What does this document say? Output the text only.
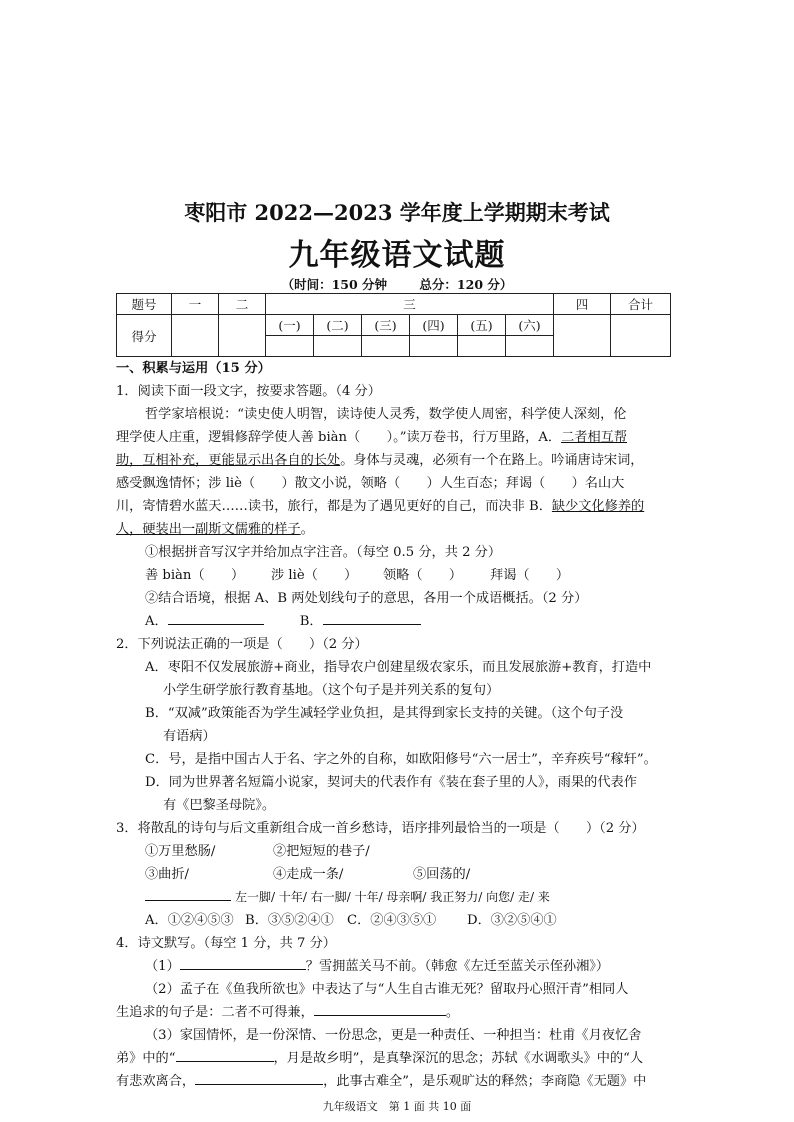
枣阳市 2022—2023 学年度上学期期末考试
九年级语文试题
（时间：150 分钟	总分：120 分）
题号	一	二	三						四	合计
得分			(一)	(二)	(三)	(四)	(五)	(六)		

一、积累与运用（15 分）
1．阅读下面一段文字，按要求答题。（4 分）
哲学家培根说：“读史使人明智，读诗使人灵秀，数学使人周密，科学使人深刻，伦
理学使人庄重，逻辑修辞学使人善 biàn（　　）。”读万卷书，行万里路，A．二者相互帮
助，互相补充，更能显示出各自的长处。身体与灵魂，必须有一个在路上。吟诵唐诗宋词，
感受飘逸情怀；涉 liè（　　）散文小说，领略（　　）人生百态；拜谒（　　）名山大
川，寄情碧水蓝天……读书，旅行，都是为了遇见更好的自己，而决非 B．缺少文化修养的
人，硬装出一副斯文儒雅的样子。
①根据拼音写汉字并给加点字注音。（每空 0.5 分，共 2 分）
善 biàn（　　） 涉 liè（　　） 领略（　　） 拜谒（　　）
②结合语境，根据 A、B 两处划线句子的意思，各用一个成语概括。（2 分）
A．	B．
2．下列说法正确的一项是（　　）（2 分）
A．枣阳不仅发展旅游+商业，指导农户创建星级农家乐，而且发展旅游+教育，打造中
小学生研学旅行教育基地。（这个句子是并列关系的复句）
B．“双减”政策能否为学生减轻学业负担，是其得到家长支持的关键。（这个句子没
有语病）
C．号，是指中国古人于名、字之外的自称，如欧阳修号“六一居士”，辛弃疾号“稼轩”。
D．同为世界著名短篇小说家，契诃夫的代表作有《装在套子里的人》，雨果的代表作
有《巴黎圣母院》。
3．将散乱的诗句与后文重新组合成一首乡愁诗，语序排列最恰当的一项是（　　）（2 分）
①万里愁肠/	②把短短的巷子/
③曲折/	④走成一条/	⑤回荡的/
左一脚/ 十年/ 右一脚/ 十年/ 母亲啊/ 我正努力/ 向您/ 走/ 来
A．①②④⑤③ B．③⑤②④① C．②④③⑤① D．③②⑤④①
4．诗文默写。（每空 1 分，共 7 分）
（1）	？雪拥蓝关马不前。（韩愈《左迁至蓝关示侄孙湘》）
（2）孟子在《鱼我所欲也》中表达了与“人生自古谁无死？留取丹心照汗青”相同人
生追求的句子是：二者不可得兼，	。
（3）家国情怀，是一份深情、一份思念，更是一种责任、一种担当：杜甫《月夜忆舍
弟》中的“	，月是故乡明”，是真挚深沉的思念；苏轼《水调歌头》中的“人
有悲欢离合，	，此事古难全”，是乐观旷达的释然；李商隐《无题》中
九年级语文　第 1 面 共 10 面
